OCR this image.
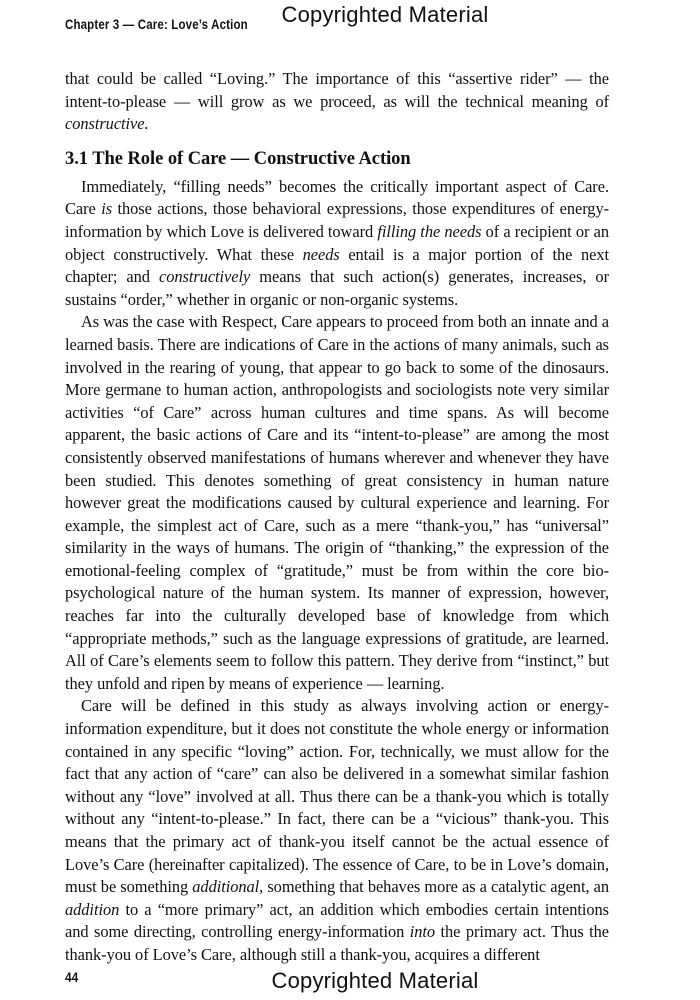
Copyrighted Material
Chapter 3 — Care: Love’s Action

that could be called “Loving.” The importance of this “assertive rider” — the intent-to-please — will grow as we proceed, as will the technical meaning of constructive.

3.1 The Role of Care — Constructive Action

Immediately, “filling needs” becomes the critically important aspect of Care. Care is those actions, those behavioral expressions, those expenditures of energy-information by which Love is delivered toward filling the needs of a recipient or an object constructively. What these needs entail is a major portion of the next chapter; and constructively means that such action(s) generates, increases, or sustains “order,” whether in organic or non-organic systems.

As was the case with Respect, Care appears to proceed from both an innate and a learned basis. There are indications of Care in the actions of many animals, such as involved in the rearing of young, that appear to go back to some of the dinosaurs. More germane to human action, anthropologists and sociologists note very similar activities “of Care” across human cultures and time spans. As will become apparent, the basic actions of Care and its “intent-to-please” are among the most consistently observed manifestations of humans wherever and whenever they have been studied. This denotes something of great consistency in human nature however great the modifications caused by cultural experience and learning. For example, the simplest act of Care, such as a mere “thank-you,” has “universal” similarity in the ways of humans. The origin of “thanking,” the expression of the emotional-feeling complex of “gratitude,” must be from within the core bio-psychological nature of the human system. Its manner of expression, however, reaches far into the culturally developed base of knowledge from which “appropriate methods,” such as the language expressions of gratitude, are learned. All of Care’s elements seem to follow this pattern. They derive from “instinct,” but they unfold and ripen by means of experience — learning.

Care will be defined in this study as always involving action or energy-information expenditure, but it does not constitute the whole energy or information contained in any specific “loving” action. For, technically, we must allow for the fact that any action of “care” can also be delivered in a somewhat similar fashion without any “love” involved at all. Thus there can be a thank-you which is totally without any “intent-to-please.” In fact, there can be a “vicious” thank-you. This means that the primary act of thank-you itself cannot be the actual essence of Love’s Care (hereinafter capitalized). The essence of Care, to be in Love’s domain, must be something additional, something that behaves more as a catalytic agent, an addition to a “more primary” act, an addition which embodies certain intentions and some directing, controlling energy-information into the primary act. Thus the thank-you of Love’s Care, although still a thank-you, acquires a different

44	Copyrighted Material
